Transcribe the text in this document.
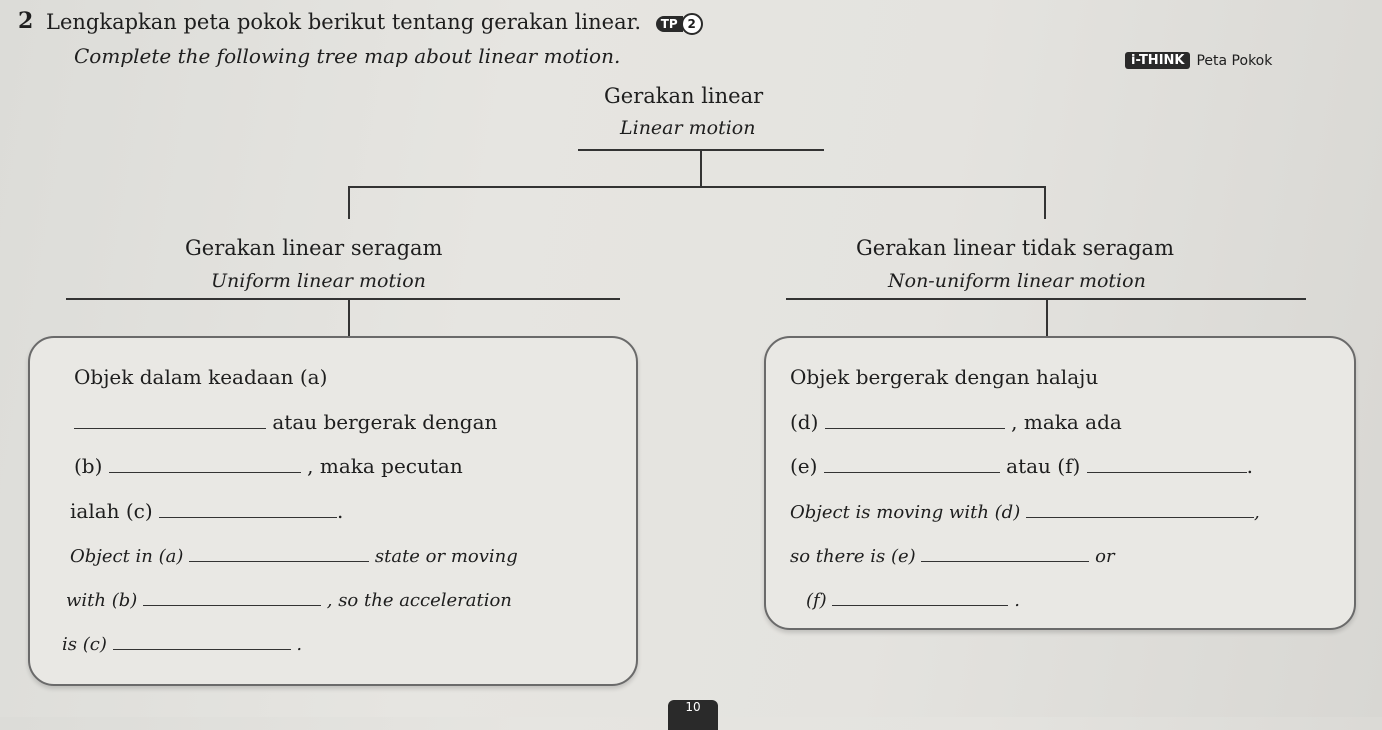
2 Lengkapkan peta pokok berikut tentang gerakan linear.	TP 2
Complete the following tree map about linear motion.	i-THINK Peta Pokok
Gerakan linear
Linear motion
Gerakan linear seragam
Uniform linear motion
Gerakan linear tidak seragam
Non-uniform linear motion
Objek dalam keadaan (a)
atau bergerak dengan
(b)	, maka pecutan
ialah (c)	.
Object in (a)	state or moving
with (b)	, so the acceleration
is (c)	.
Objek bergerak dengan halaju
(d)	, maka ada
(e)	atau (f)	.
Object is moving with (d)	,
so there is (e)	or
(f)	.
10
